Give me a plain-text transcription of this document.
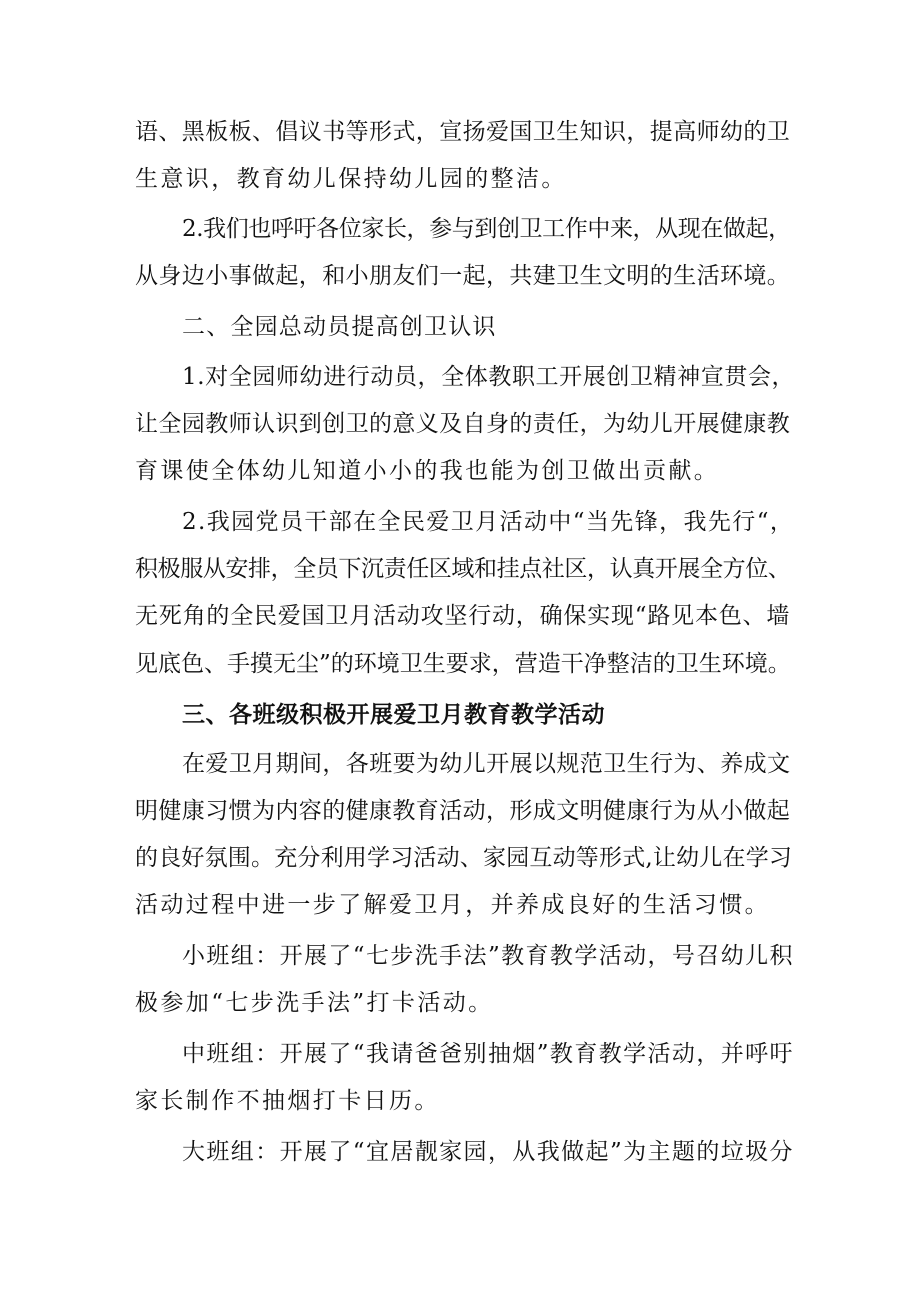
语、黑板板、倡议书等形式，宣扬爱国卫生知识，提高师幼的卫
生意识，教育幼儿保持幼儿园的整洁。
2.我们也呼吁各位家长，参与到创卫工作中来，从现在做起，
从身边小事做起，和小朋友们一起，共建卫生文明的生活环境。
二、全园总动员提高创卫认识
1.对全园师幼进行动员，全体教职工开展创卫精神宣贯会，
让全园教师认识到创卫的意义及自身的责任，为幼儿开展健康教
育课使全体幼儿知道小小的我也能为创卫做出贡献。
2.我园党员干部在全民爱卫月活动中“当先锋，我先行“，
积极服从安排，全员下沉责任区域和挂点社区，认真开展全方位、
无死角的全民爱国卫月活动攻坚行动，确保实现“路见本色、墙
见底色、手摸无尘”的环境卫生要求，营造干净整洁的卫生环境。
三、各班级积极开展爱卫月教育教学活动
在爱卫月期间，各班要为幼儿开展以规范卫生行为、养成文
明健康习惯为内容的健康教育活动，形成文明健康行为从小做起
的良好氛围。充分利用学习活动、家园互动等形式,让幼儿在学习
活动过程中进一步了解爱卫月，并养成良好的生活习惯。
小班组：开展了“七步洗手法”教育教学活动，号召幼儿积
极参加“七步洗手法”打卡活动。
中班组：开展了“我请爸爸别抽烟”教育教学活动，并呼吁
家长制作不抽烟打卡日历。
大班组：开展了“宜居靓家园，从我做起”为主题的垃圾分
